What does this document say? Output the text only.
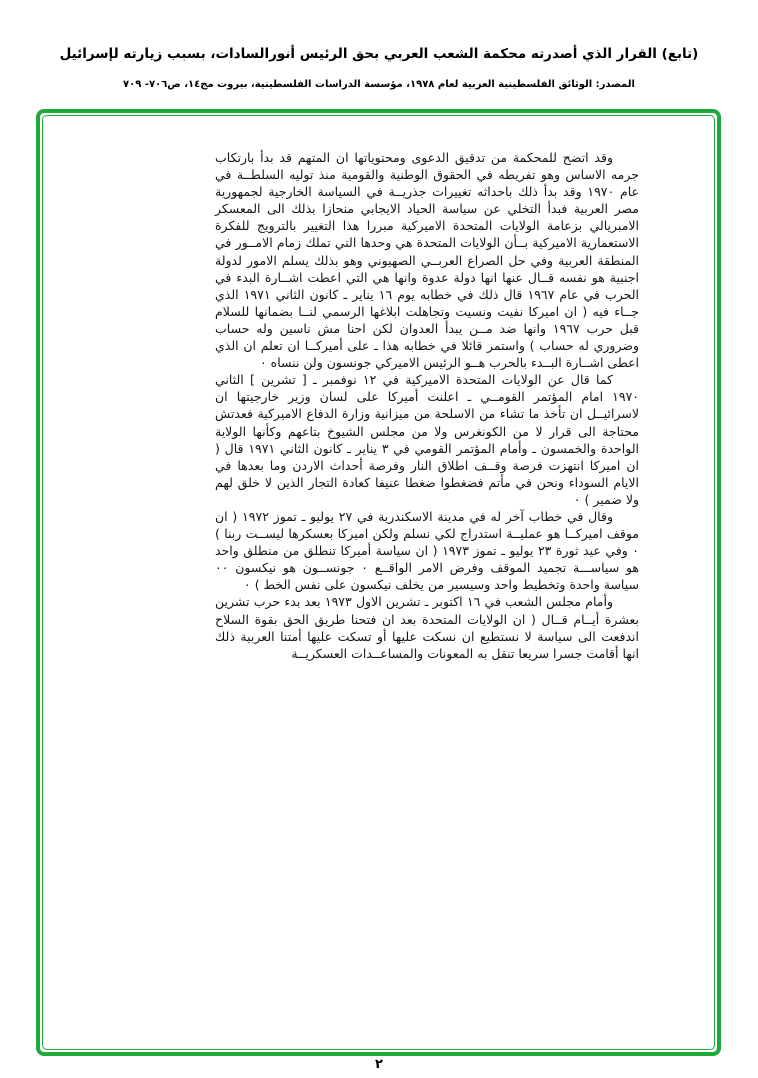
(تابع) القرار الذي أصدرته محكمة الشعب العربي بحق الرئيس أنورالسادات، بسبب زيارته لإسرائيل
المصدر: الوثائق الفلسطينية العربية لعام ١٩٧٨، مؤسسة الدراسات الفلسطينية، بيروت مج١٤، ص٧٠٦- ٧٠٩

وقد اتضح للمحكمة من تدقيق الدعوى ومحتوياتها ان المتهم قد بدأ بارتكاب جرمه الاساس وهو تفريطه في الحقوق الوطنية والقومية منذ توليه السلطــة في عام ١٩٧٠ وقد بدأ ذلك باحداثه تغييرات جذريــة في السياسة الخارجية لجمهورية مصر العربية فبدأ التخلي عن سياسة الحياد الايجابي منحازا بذلك الى المعسكر الامبريالي بزعامة الولايات المتحدة الاميركية مبررا هذا التغيير بالترويج للفكرة الاستعمارية الاميركية بــأن الولايات المتحدة هي وحدها التي تملك زمام الامــور في المنطقة العربية وفي حل الصراع العربــي الصهيوني وهو بذلك يسلم الامور لدولة اجنبية هو نفسه قــال عنها انها دولة عدوة وانها هي التي اعطت اشــارة البدء في الحرب في عام ١٩٦٧ قال ذلك في خطابه يوم ١٦ يناير ـ كانون الثاني ١٩٧١ الذي جــاء فيه ( ان اميركا نفيت ونسيت وتجاهلت ابلاغها الرسمي لنــا بضمانها للسلام قبل حرب ١٩٦٧ وانها ضد مــن يبدأ العدوان لكن احنا مش ناسين وله حساب وضروري له حساب ) واستمر قائلا في خطابه هذا ـ على أميركــا ان تعلم ان الذي اعطى اشــارة البــدء بالحرب هــو الرئيس الاميركي جونسون ولن ننساه ٠

كما قال عن الولايات المتحدة الاميركية في ١٢ نوفمبر ـ [ تشرين ] الثاني ١٩٧٠ امام المؤتمر القومــي ـ اعلنت أميركا على لسان وزير خارجيتها ان لاسرائيــل ان تأخذ ما تشاء من الاسلحة من ميزانية وزارة الدفاع الاميركية فعدتش محتاجة الى قرار لا من الكونغرس ولا من مجلس الشيوخ بتاعهم وكأنها الولاية الواحدة والخمسون ـ وأمام المؤتمر القومي في ٣ يناير ـ كانون الثاني ١٩٧١ قال ( ان اميركا انتهزت فرصة وقــف اطلاق النار وفرصة أحداث الاردن وما بعدها في الايام السوداء ونحن في مأتم فضغطوا ضغطا عنيفا كعادة التجار الذين لا خلق لهم ولا ضمير ) ٠

وقال في خطاب آخر له في مدينة الاسكندرية في ٢٧ يوليو ـ تموز ١٩٧٢ ( ان موقف اميركــا هو عمليــة استدراج لكي نسلم ولكن اميركا بعسكرها ليســت ربنا ) ٠ وفي عيد ثورة ٢٣ يوليو ـ تموز ١٩٧٣ ( ان سياسة أميركا تنطلق من منطلق واحد هو سياســـة تجميد الموقف وفرض الامر الواقــع ٠ جونســون هو نيكسون ٠٠ سياسة واحدة وتخطيط واحد وسيسير من يخلف نيكسون على نفس الخط ) ٠

وأمام مجلس الشعب في ١٦ اكتوبر ـ تشرين الاول ١٩٧٣ بعد بدء حرب تشرين بعشرة أيــام قــال ( ان الولايات المتحدة بعد ان فتحنا طريق الحق بقوة السلاح اندفعت الى سياسة لا نستطيع ان نسكت عليها أو تسكت عليها أمتنا العربية ذلك انها أقامت جسرا سريعا تنقل به المعونات والمساعــدات العسكريــة

٢
